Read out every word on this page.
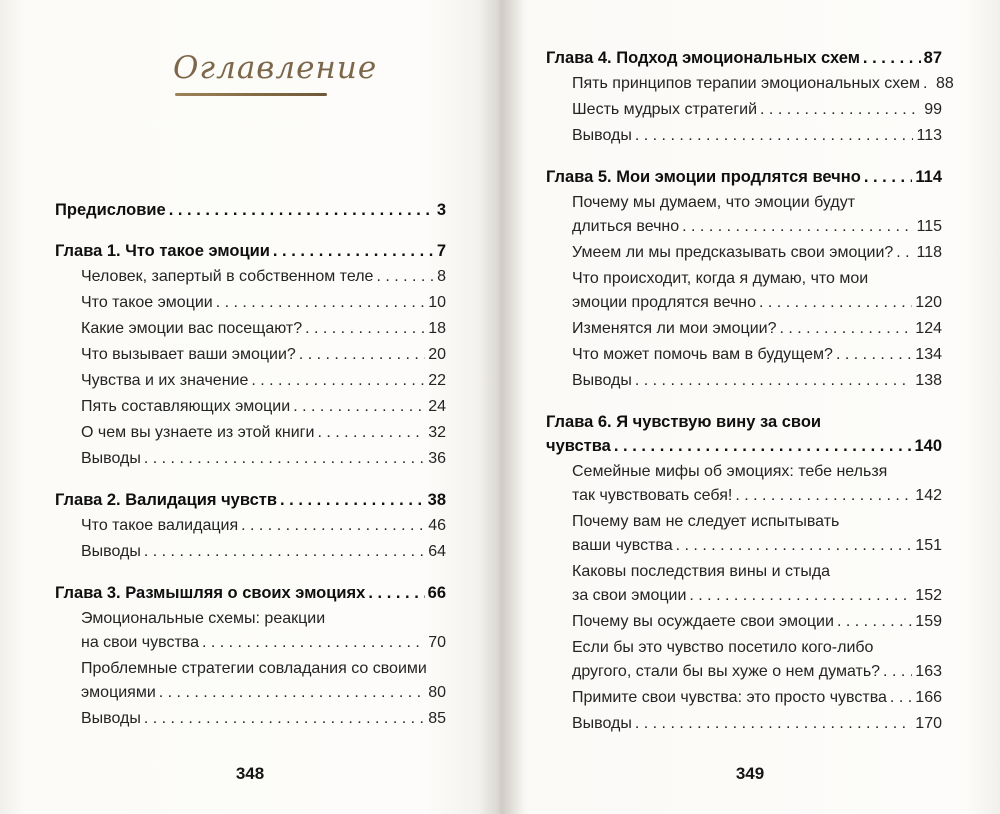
Оглавление
Предисловие . . .	3
Глава 1. Что такое эмоции . . .	7
Человек, запертый в собственном теле . . .	8
Что такое эмоции . . .	10
Какие эмоции вас посещают? . . .	18
Что вызывает ваши эмоции? . . .	20
Чувства и их значение . . .	22
Пять составляющих эмоции . . .	24
О чем вы узнаете из этой книги . . .	32
Выводы . . .	36
Глава 2. Валидация чувств . . .	38
Что такое валидация . . .	46
Выводы . . .	64
Глава 3. Размышляя о своих эмоциях . . .	66
Эмоциональные схемы: реакции
на свои чувства . . .	70
Проблемные стратегии совладания со своими
эмоциями . . .	80
Выводы . . .	85
348
Глава 4. Подход эмоциональных схем . . .	87
Пять принципов терапии эмоциональных схем . . . 88
Шесть мудрых стратегий . . .	99
Выводы . . .	113
Глава 5. Мои эмоции продлятся вечно . . .	114
Почему мы думаем, что эмоции будут
длиться вечно . . .	115
Умеем ли мы предсказывать свои эмоции? . . . 118
Что происходит, когда я думаю, что мои
эмоции продлятся вечно . . .	120
Изменятся ли мои эмоции? . . .	124
Что может помочь вам в будущем? . . .	134
Выводы . . .	138
Глава 6. Я чувствую вину за свои
чувства . . .	140
Семейные мифы об эмоциях: тебе нельзя
так чувствовать себя! . . .	142
Почему вам не следует испытывать
ваши чувства . . .	151
Каковы последствия вины и стыда
за свои эмоции . . .	152
Почему вы осуждаете свои эмоции . . .	159
Если бы это чувство посетило кого-либо
другого, стали бы вы хуже о нем думать? . . . 163
Примите свои чувства: это просто чувства . . . 166
Выводы . . .	170
349
